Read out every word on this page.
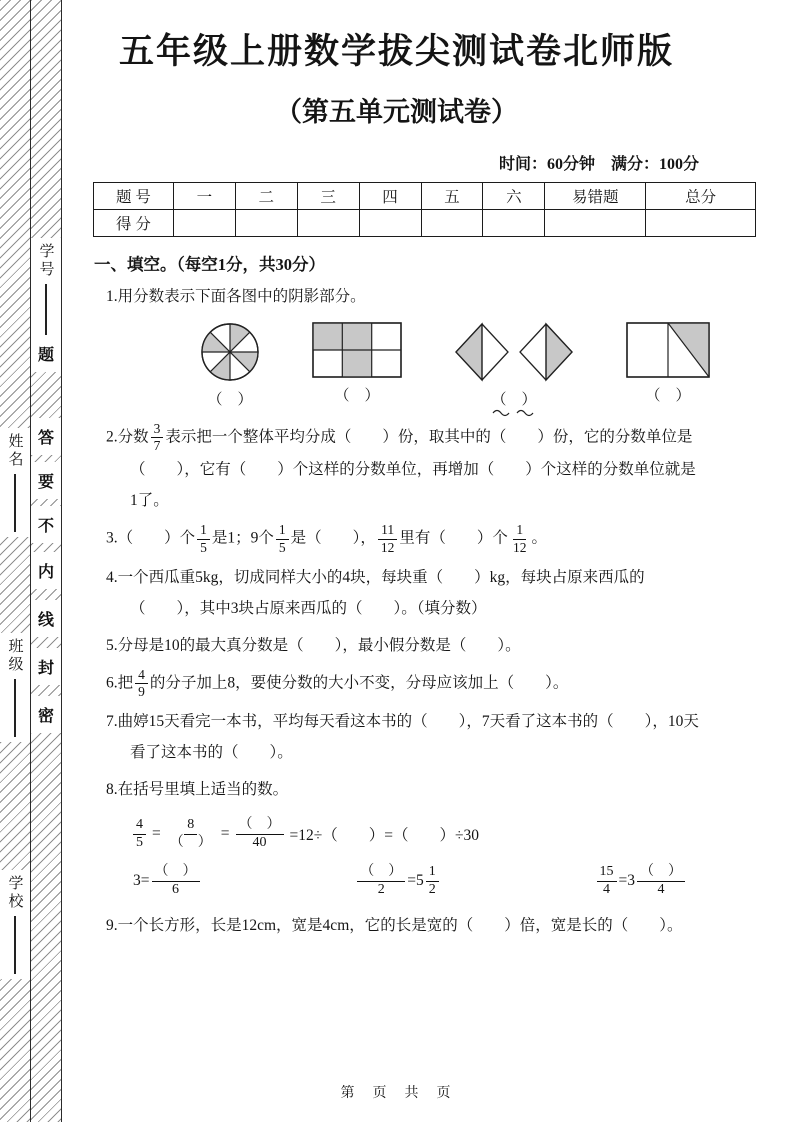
姓名
班级
学校
学号
题
答
要
不
内
线
封
密
五年级上册数学拔尖测试卷北师版
（第五单元测试卷）
时间：60分钟　满分：100分
题 号	一	二	三	四	五	六	易错题	总分
得 分								
一、填空。（每空1分，共30分）
1.用分数表示下面各图中的阴影部分。
（　）	（　）	（　）	（　）
2.分数 $\frac{3}{7}$ 表示把一个整体平均分成（　　）份，取其中的（　　）份，它的分数单位是（　　），它有（　　）个这样的分数单位，再增加（　　）个这样的分数单位就是1了。
3.（　　）个 $\frac{1}{5}$ 是1；9个 $\frac{1}{5}$ 是（　　）， $\frac{11}{12}$ 里有（　　）个 $\frac{1}{12}$ 。
4.一个西瓜重5kg，切成同样大小的4块，每块重（　　）kg，每块占原来西瓜的（　　），其中3块占原来西瓜的（　　）。（填分数）
5.分母是10的最大真分数是（　　），最小假分数是（　　）。
6.把 $\frac{4}{9}$ 的分子加上8，要使分数的大小不变，分母应该加上（　　）。
7.曲婷15天看完一本书，平均每天看这本书的（　　），7天看了这本书的（　　），10天看了这本书的（　　）。
8.在括号里填上适当的数。
$\frac{4}{5} = \frac{8}{( )} = \frac{( )}{40} =12\div$（　　）=（　　）÷30
$3= \frac{( )}{6}$	$\frac{( )}{2} =5 \frac{1}{2}$	$\frac{15}{4} =3 \frac{( )}{4}$
9.一个长方形，长是12cm，宽是4cm，它的长是宽的（　　）倍，宽是长的（　　）。
第　页　共　页
